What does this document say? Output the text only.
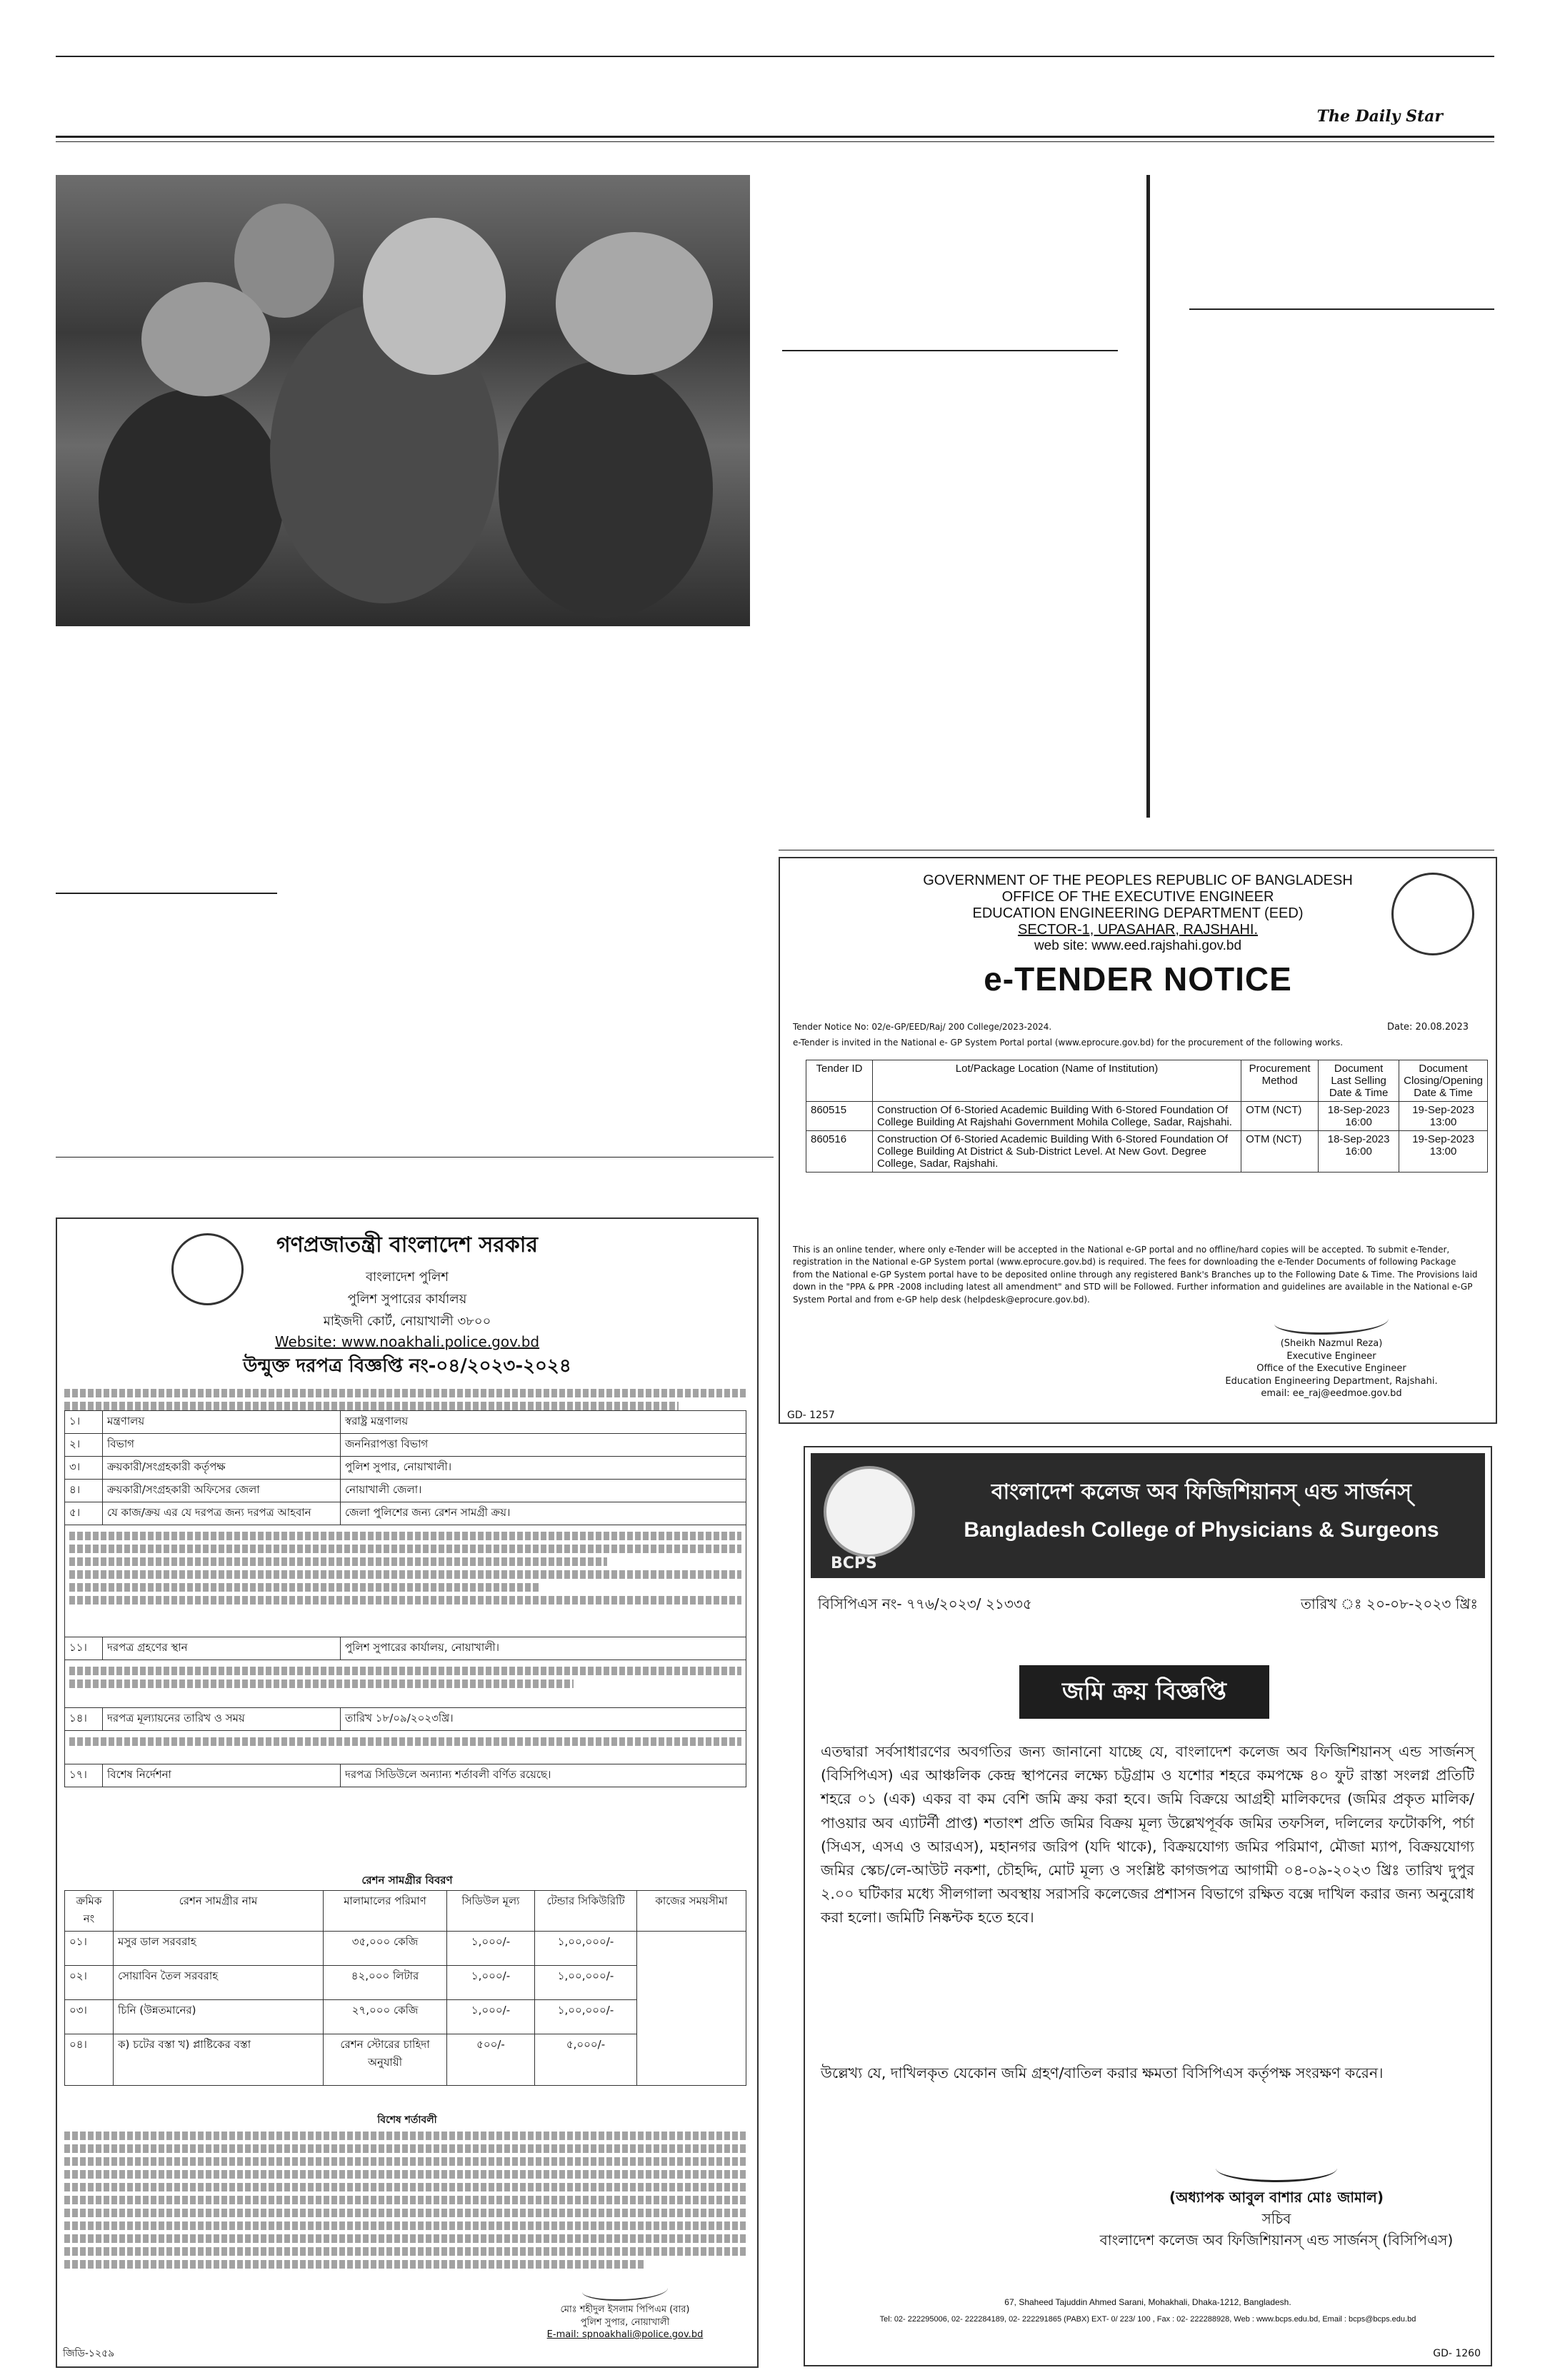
The Daily Star
GOVERNMENT OF THE PEOPLES REPUBLIC OF BANGLADESH
OFFICE OF THE EXECUTIVE ENGINEER
EDUCATION ENGINEERING DEPARTMENT (EED)
SECTOR-1, UPASAHAR, RAJSHAHI.
web site: www.eed.rajshahi.gov.bd
e-TENDER NOTICE
Tender Notice No: 02/e-GP/EED/Raj/ 200 College/2023-2024.	Date: 20.08.2023
e-Tender is invited in the National e- GP System Portal portal (www.eprocure.gov.bd) for the procurement of the following works.
Tender ID	Lot/Package Location (Name of Institution)	Procurement Method	Document Last Selling Date & Time	Document Closing/Opening Date & Time
860515	Construction Of 6-Storied Academic Building With 6-Stored Foundation Of College Building At Rajshahi Government Mohila College, Sadar, Rajshahi.	OTM (NCT)	18-Sep-2023 16:00	19-Sep-2023 13:00
860516	Construction Of 6-Storied Academic Building With 6-Stored Foundation Of College Building At District & Sub-District Level. At New Govt. Degree College, Sadar, Rajshahi.	OTM (NCT)	18-Sep-2023 16:00	19-Sep-2023 13:00
This is an online tender, where only e-Tender will be accepted in the National e-GP portal and no offline/hard copies will be accepted. To submit e-Tender, registration in the National e-GP System portal (www.eprocure.gov.bd) is required. The fees for downloading the e-Tender Documents of following Package from the National e-GP System portal have to be deposited online through any registered Bank's Branches up to the Following Date & Time. The Provisions laid down in the "PPA & PPR -2008 including latest all amendment" and STD will be Followed. Further information and guidelines are available in the National e-GP System Portal and from e-GP help desk (helpdesk@eprocure.gov.bd).
(Sheikh Nazmul Reza)
Executive Engineer
Office of the Executive Engineer
Education Engineering Department, Rajshahi.
email: ee_raj@eedmoe.gov.bd
GD- 1257
গণপ্রজাতন্ত্রী বাংলাদেশ সরকার
বাংলাদেশ পুলিশ
পুলিশ সুপারের কার্যালয়
মাইজদী কোর্ট, নোয়াখালী ৩৮০০
Website: www.noakhali.police.gov.bd
উন্মুক্ত দরপত্র বিজ্ঞপ্তি নং-০৪/২০২৩-২০২৪
১।	মন্ত্রণালয়	স্বরাষ্ট্র মন্ত্রণালয়
২।	বিভাগ	জননিরাপত্তা বিভাগ
৩।	ক্রয়কারী/সংগ্রহকারী কর্তৃপক্ষ	পুলিশ সুপার, নোয়াখালী।
৪।	ক্রয়কারী/সংগ্রহকারী অফিসের জেলা	নোয়াখালী জেলা।
৫।	যে কাজ/ক্রয় এর যে দরপত্র জন্য দরপত্র আহবান	জেলা পুলিশের জন্য রেশন সামগ্রী ক্রয়।

১১।	দরপত্র গ্রহণের স্থান	পুলিশ সুপারের কার্যালয়, নোয়াখালী।

১৪।	দরপত্র মূল্যায়নের তারিখ ও সময়	তারিখ ১৮/০৯/২০২৩খ্রি।

১৭।	বিশেষ নির্দেশনা	দরপত্র সিডিউলে অন্যান্য শর্তাবলী বর্ণিত রয়েছে।
রেশন সামগ্রীর বিবরণ
ক্রমিক নং	রেশন সামগ্রীর নাম	মালামালের পরিমাণ	সিডিউল মূল্য	টেন্ডার সিকিউরিটি	কাজের সময়সীমা
০১।	মসুর ডাল সরবরাহ	৩৫,০০০ কেজি	১,০০০/-	১,০০,০০০/-	
০২।	সোয়াবিন তৈল সরবরাহ	৪২,০০০ লিটার	১,০০০/-	১,০০,০০০/-	
০৩।	চিনি (উন্নতমানের)	২৭,০০০ কেজি	১,০০০/-	১,০০,০০০/-	
০৪।	ক) চটের বস্তা খ) প্লাষ্টিকের বস্তা	রেশন স্টোরের চাহিদা অনুযায়ী	৫০০/-	৫,০০০/-	
বিশেষ শর্তাবলী
মোঃ শহীদুল ইসলাম পিপিএম (বার)
পুলিশ সুপার, নোয়াখালী
E-mail: spnoakhali@police.gov.bd
জিডি-১২৫৯
BCPS
বাংলাদেশ কলেজ অব ফিজিশিয়ানস্ এন্ড সার্জনস্
Bangladesh College of Physicians & Surgeons
বিসিপিএস নং- ৭৭৬/২০২৩/ ২১৩৩৫	তারিখ ঃ ২০-০৮-২০২৩ খ্রিঃ
জমি ক্রয় বিজ্ঞপ্তি
এতদ্বারা সর্বসাধারণের অবগতির জন্য জানানো যাচ্ছে যে, বাংলাদেশ কলেজ অব ফিজিশিয়ানস্ এন্ড সার্জনস্ (বিসিপিএস) এর আঞ্চলিক কেন্দ্র স্থাপনের লক্ষ্যে চট্টগ্রাম ও যশোর শহরে কমপক্ষে ৪০ ফুট রাস্তা সংলগ্ন প্রতিটি শহরে ০১ (এক) একর বা কম বেশি জমি ক্রয় করা হবে। জমি বিক্রয়ে আগ্রহী মালিকদের (জমির প্রকৃত মালিক/পাওয়ার অব এ্যাটর্নী প্রাপ্ত) শতাংশ প্রতি জমির বিক্রয় মূল্য উল্লেখপূর্বক জমির তফসিল, দলিলের ফটোকপি, পর্চা (সিএস, এসএ ও আরএস), মহানগর জরিপ (যদি থাকে), বিক্রয়যোগ্য জমির পরিমাণ, মৌজা ম্যাপ, বিক্রয়যোগ্য জমির স্কেচ/লে-আউট নকশা, চৌহদ্দি, মোট মূল্য ও সংশ্লিষ্ট কাগজপত্র আগামী ০৪-০৯-২০২৩ খ্রিঃ তারিখ দুপুর ২.০০ ঘটিকার মধ্যে সীলগালা অবস্থায় সরাসরি কলেজের প্রশাসন বিভাগে রক্ষিত বক্সে দাখিল করার জন্য অনুরোধ করা হলো। জমিটি নিষ্কন্টক হতে হবে।
উল্লেখ্য যে, দাখিলকৃত যেকোন জমি গ্রহণ/বাতিল করার ক্ষমতা বিসিপিএস কর্তৃপক্ষ সংরক্ষণ করেন।
(অধ্যাপক আবুল বাশার মোঃ জামাল)
সচিব
বাংলাদেশ কলেজ অব ফিজিশিয়ানস্ এন্ড সার্জনস্ (বিসিপিএস)
67, Shaheed Tajuddin Ahmed Sarani, Mohakhali, Dhaka-1212, Bangladesh.
Tel: 02- 222295006, 02- 222284189, 02- 222291865 (PABX) EXT- 0/ 223/ 100 , Fax : 02- 222288928, Web : www.bcps.edu.bd, Email : bcps@bcps.edu.bd
GD- 1260
